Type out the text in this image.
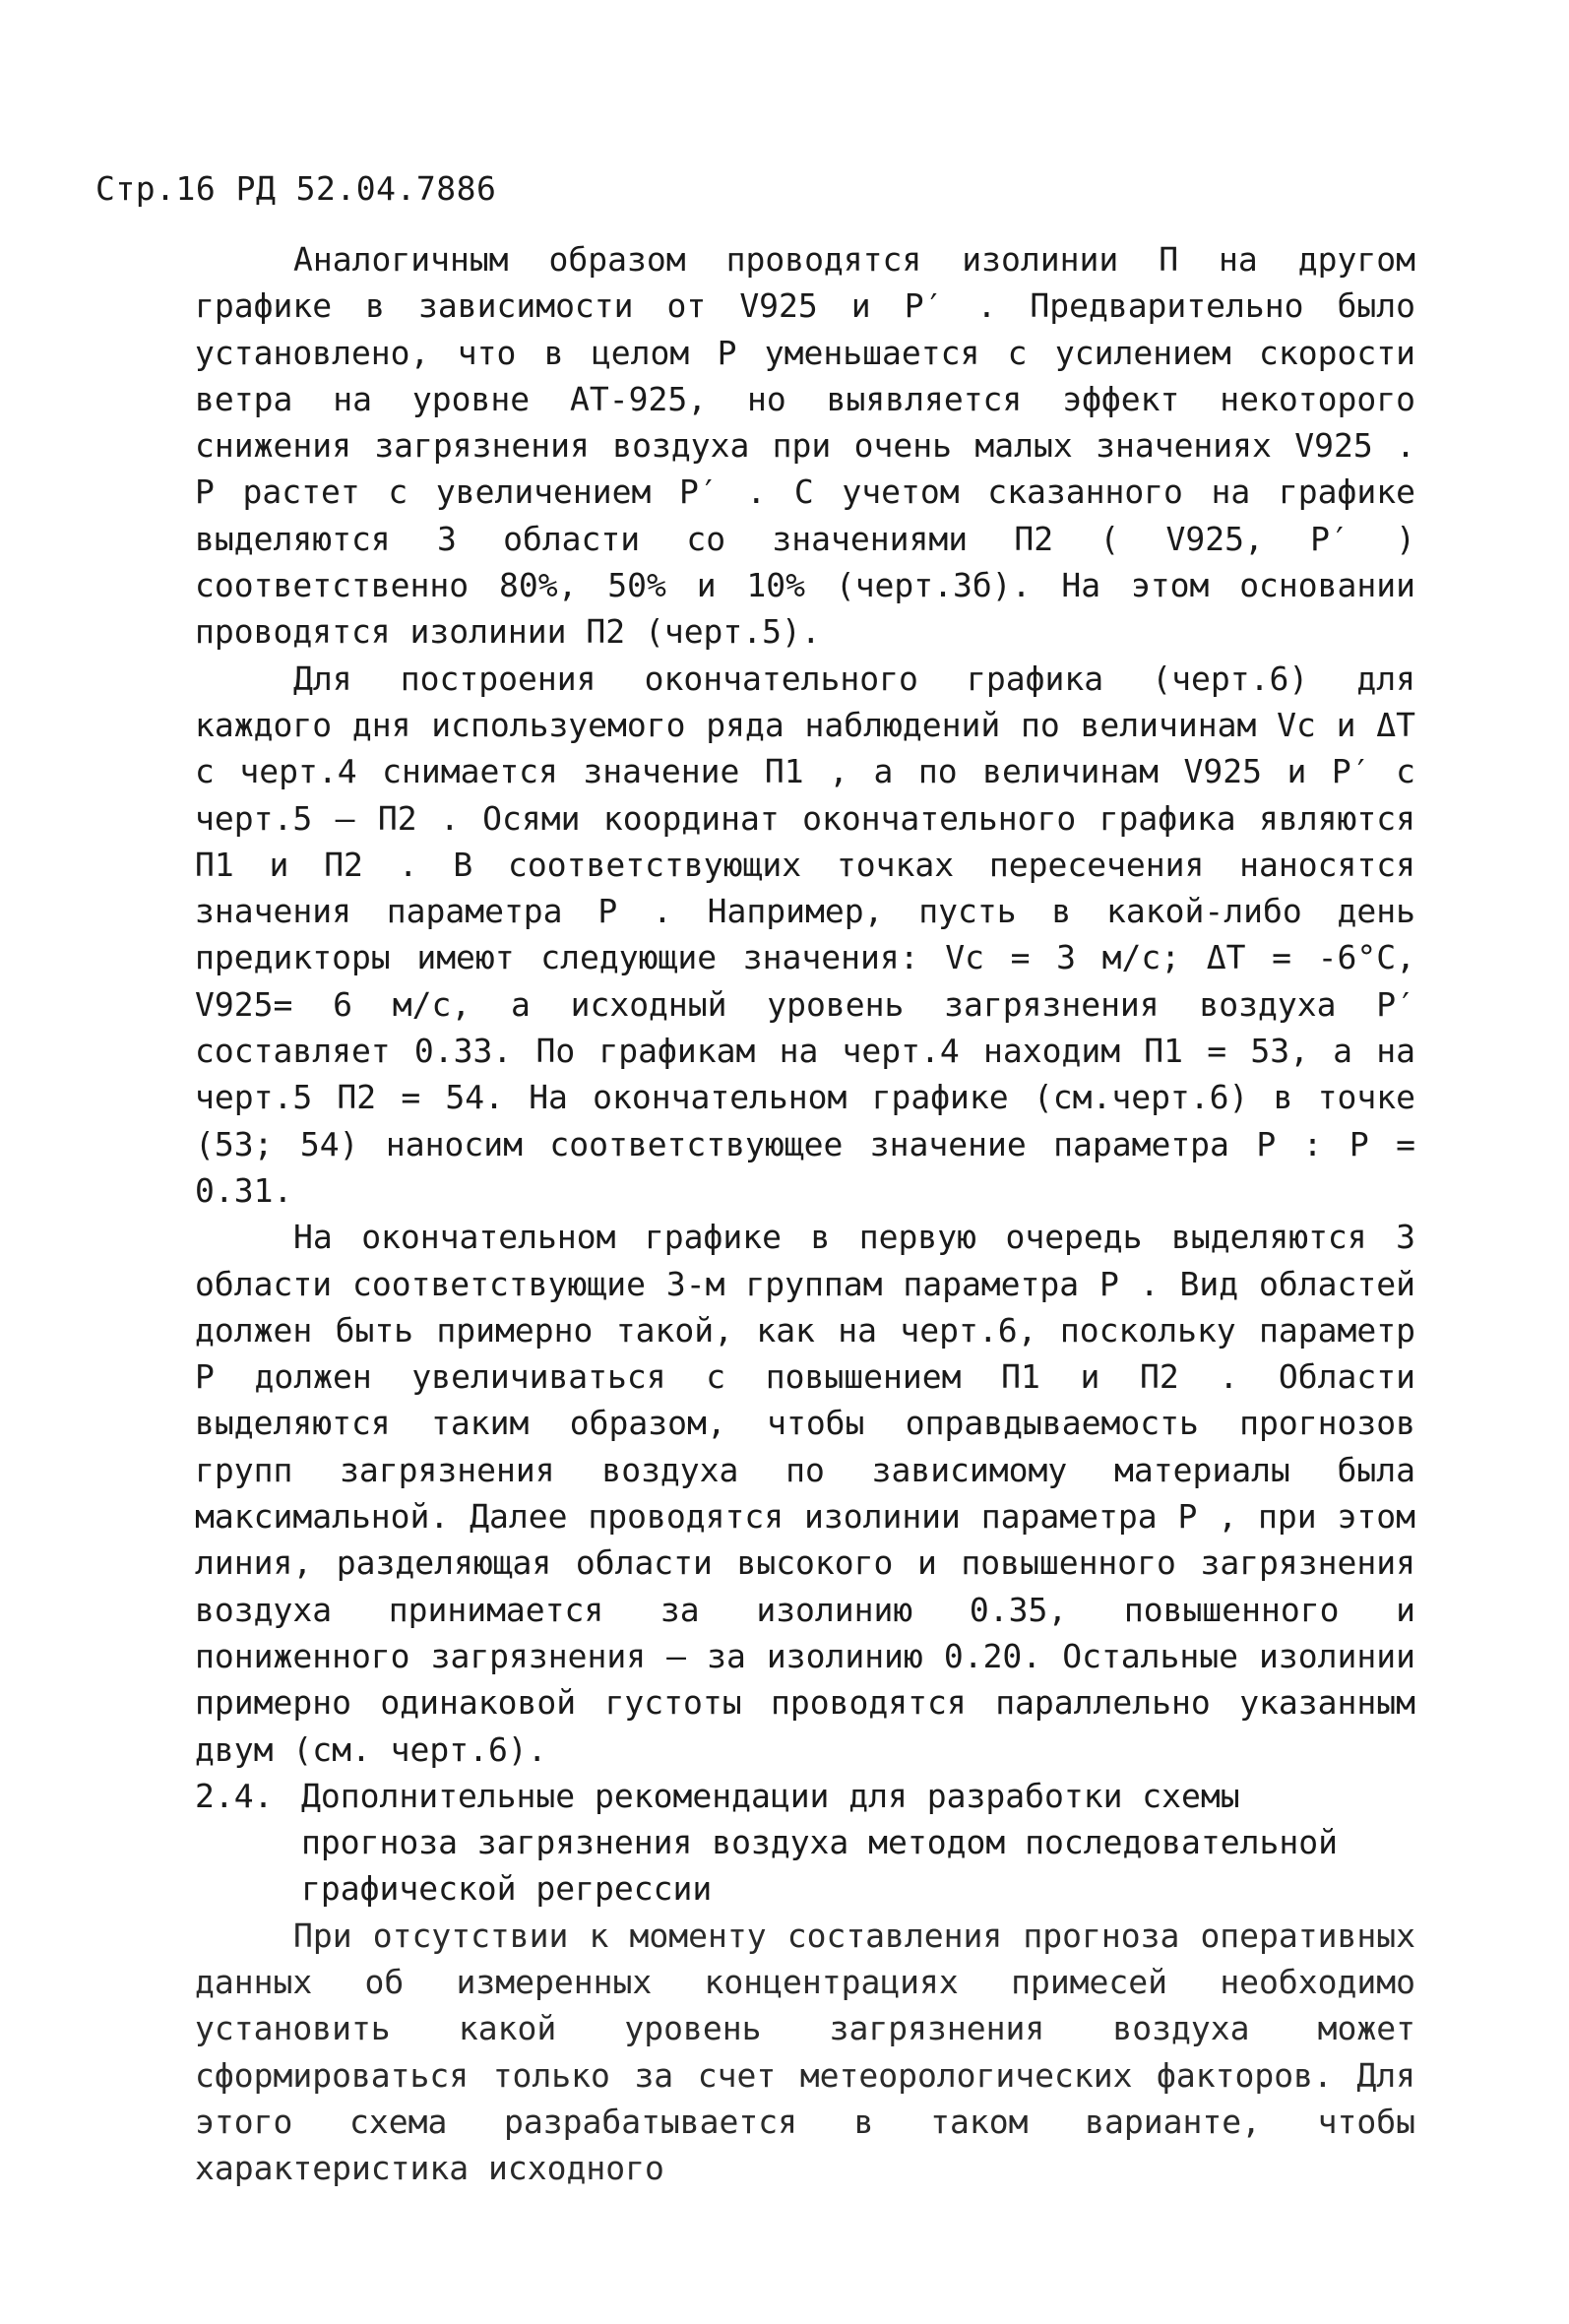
Стр.16 РД 52.04.7886

Аналогичным образом проводятся изолинии П на другом графике в зависимости от V925 и P′ . Предварительно было установлено, что в целом P уменьшается с усилением скорости ветра на уровне АТ-925, но выявляется эффект некоторого снижения загрязнения воздуха при очень малых значениях V925 . P растет с увеличением P′ . С учетом сказанного на графике выделяются 3 области со значениями П2 ( V925, P′ ) соответственно 80%, 50% и 10% (черт.3б). На этом основании проводятся изолинии П2 (черт.5).

Для построения окончательного графика (черт.6) для каждого дня используемого ряда наблюдений по величинам Vс и ΔT с черт.4 снимается значение П1 , а по величинам V925 и P′ с черт.5 – П2 . Осями координат окончательного графика являются П1 и П2 . В соответствующих точках пересечения наносятся значения параметра P . Например, пусть в какой-либо день предикторы имеют следующие значения: Vс = 3 м/с; ΔT = -6°С, V925= 6 м/с, а исходный уровень загрязнения воздуха P′ составляет 0.33. По графикам на черт.4 находим П1 = 53, а на черт.5 П2 = 54. На окончательном графике (см.черт.6) в точке (53; 54) наносим соответствующее значение параметра P : P = 0.31.

На окончательном графике в первую очередь выделяются 3 области соответствующие 3-м группам параметра P . Вид областей должен быть примерно такой, как на черт.6, поскольку параметр P должен увеличиваться с повышением П1 и П2 . Области выделяются таким образом, чтобы оправдываемость прогнозов групп загрязнения воздуха по зависимому материалы была максимальной. Далее проводятся изолинии параметра P , при этом линия, разделяющая области высокого и повышенного загрязнения воздуха принимается за изолинию 0.35, повышенного и пониженного загрязнения – за изолинию 0.20. Остальные изолинии примерно одинаковой густоты проводятся параллельно указанным двум (см. черт.6).

2.4. Дополнительные рекомендации для разработки схемы прогноза загрязнения воздуха методом последовательной графической регрессии

При отсутствии к моменту составления прогноза оперативных данных об измеренных концентрациях примесей необходимо установить какой уровень загрязнения воздуха может сформироваться только за счет метеорологических факторов. Для этого схема разрабатывается в таком варианте, чтобы характеристика исходного
